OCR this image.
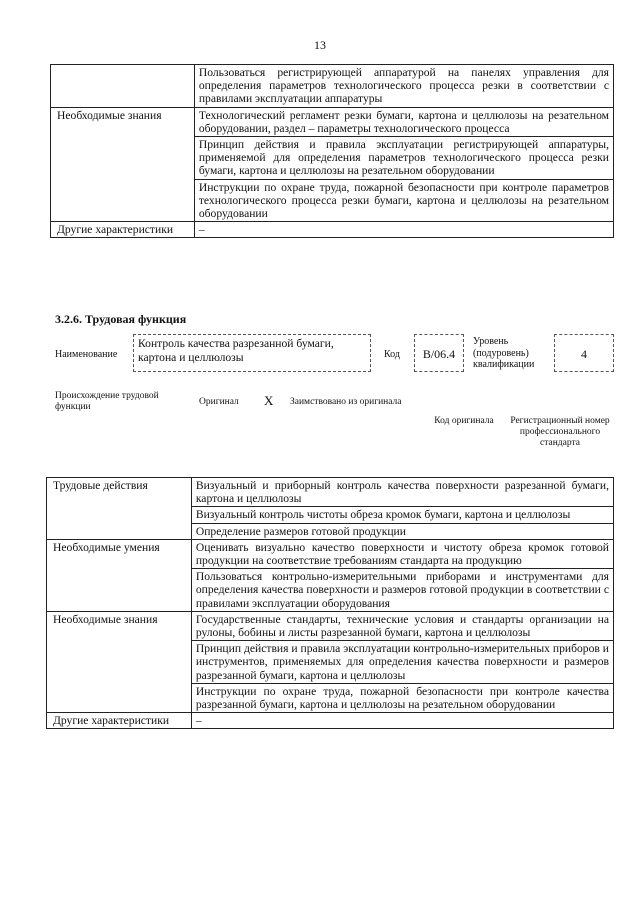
13
	Пользоваться регистрирующей аппаратурой на панелях управления для определения параметров технологического процесса резки в соответствии с правилами эксплуатации аппаратуры
Необходимые знания	Технологический регламент резки бумаги, картона и целлюлозы на резательном оборудовании, раздел – параметры технологического процесса
	Принцип действия и правила эксплуатации регистрирующей аппаратуры, применяемой для определения параметров технологического процесса резки бумаги, картона и целлюлозы на резательном оборудовании
	Инструкции по охране труда, пожарной безопасности при контроле параметров технологического процесса резки бумаги, картона и целлюлозы на резательном оборудовании
Другие характеристики	–
3.2.6. Трудовая функция
Наименование
Контроль качества разрезанной бумаги, картона и целлюлозы	Код	В/06.4
Уровень (подуровень) квалификации
4
Происхождение трудовой функции	Оригинал X Заимствовано из оригинала
Код оригинала Регистрационный номер профессионального стандарта
Трудовые действия	Визуальный и приборный контроль качества поверхности разрезанной бумаги, картона и целлюлозы
	Визуальный контроль чистоты обреза кромок бумаги, картона и целлюлозы
	Определение размеров готовой продукции
Необходимые умения	Оценивать визуально качество поверхности и чистоту обреза кромок готовой продукции на соответствие требованиям стандарта на продукцию
	Пользоваться контрольно-измерительными приборами и инструментами для определения качества поверхности и размеров готовой продукции в соответствии с правилами эксплуатации оборудования
Необходимые знания	Государственные стандарты, технические условия и стандарты организации на рулоны, бобины и листы разрезанной бумаги, картона и целлюлозы
	Принцип действия и правила эксплуатации контрольно-измерительных приборов и инструментов, применяемых для определения качества поверхности и размеров разрезанной бумаги, картона и целлюлозы
	Инструкции по охране труда, пожарной безопасности при контроле качества разрезанной бумаги, картона и целлюлозы на резательном оборудовании
Другие характеристики	–
